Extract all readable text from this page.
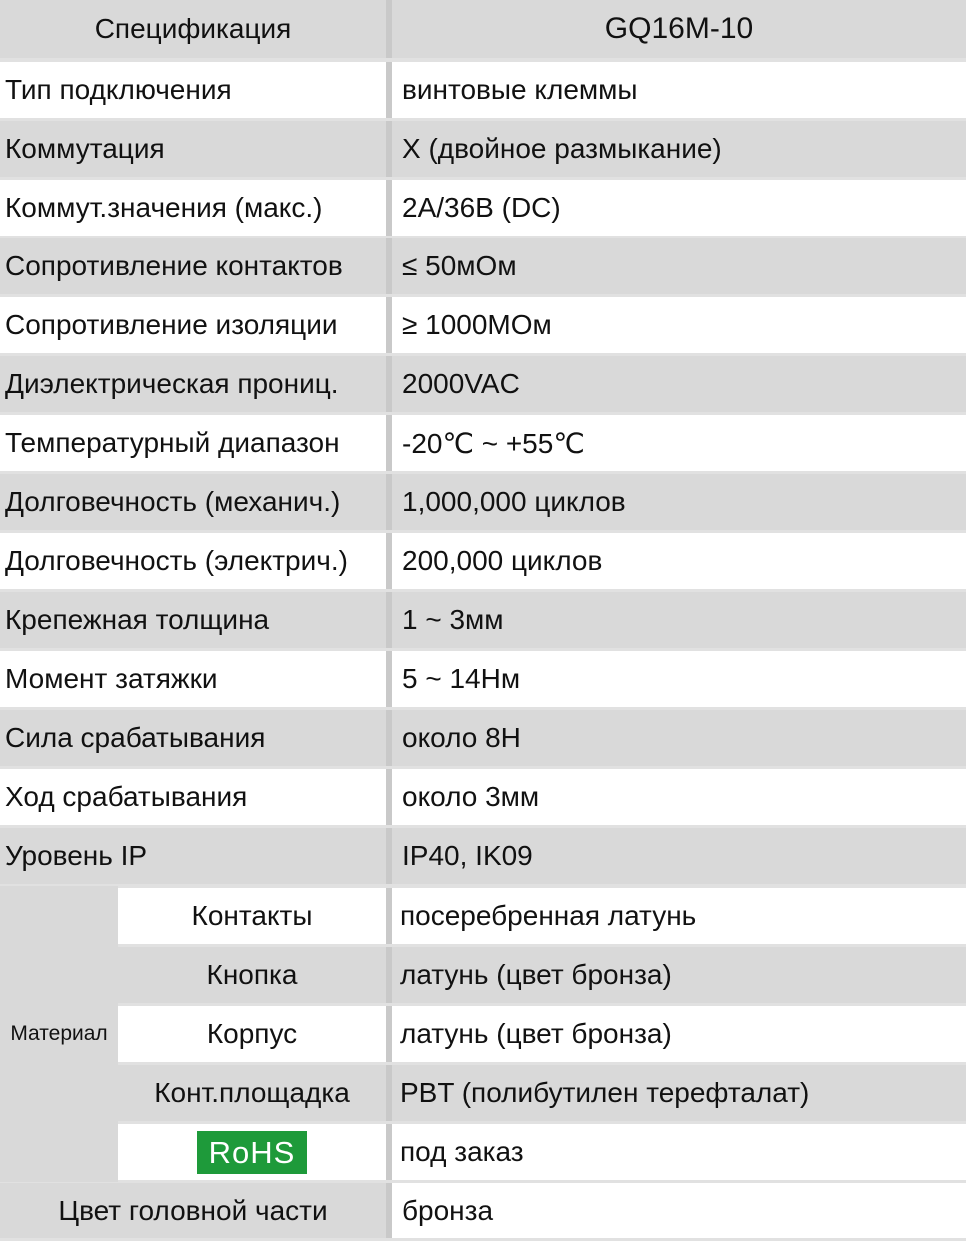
Спецификация	GQ16M-10
Тип подключения	винтовые клеммы
Коммутация	X (двойное размыкание)
Коммут.значения (макс.)	2A/36B (DC)
Сопротивление контактов	≤ 50мОм
Сопротивление изоляции	≥ 1000МОм
Диэлектрическая прониц.	2000VAC
Температурный диапазон	-20℃ ~ +55℃
Долговечность (механич.)	1,000,000 циклов
Долговечность (электрич.)	200,000 циклов
Крепежная толщина	1 ~ 3мм
Момент затяжки	5 ~ 14Нм
Сила срабатывания	около 8Н
Ход срабатывания	около 3мм
Уровень IP	IP40, IK09
Материал
Контакты	посеребренная латунь
Кнопка	латунь (цвет бронза)
Корпус	латунь (цвет бронза)
Конт.площадка	PBT (полибутилен терефталат)
RoHS	под заказ
Цвет головной части	бронза
